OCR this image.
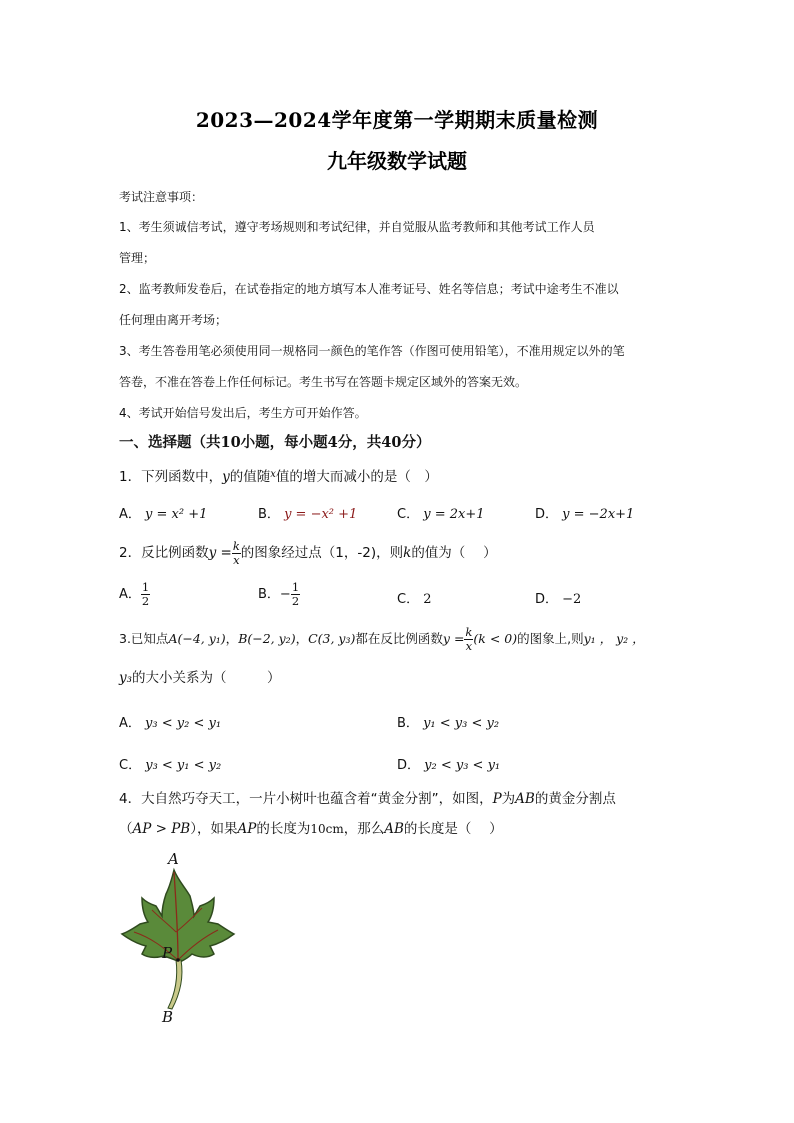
2023—2024学年度第一学期期末质量检测
九年级数学试题
考试注意事项：
1、考生须诚信考试，遵守考场规则和考试纪律，并自觉服从监考教师和其他考试工作人员
管理；
2、监考教师发卷后，在试卷指定的地方填写本人准考证号、姓名等信息；考试中途考生不准以
任何理由离开考场；
3、考生答卷用笔必须使用同一规格同一颜色的笔作答（作图可使用铅笔），不准用规定以外的笔
答卷，不准在答卷上作任何标记。考生书写在答题卡规定区域外的答案无效。
4、考试开始信号发出后，考生方可开始作答。
一、选择题（共10小题，每小题4分，共40分）
1．下列函数中，y的值随$^x$值的增大而减小的是（　）
A． y = x² +1	B． y = −x² +1	C． y = 2x+1	D． y = −2x+1
2．反比例函数$y = \frac{k}{x}$ 的图象经过点（1，-2)，则k的值为（　 ）
A． $\frac{1}{2}$	B．− $\frac{1}{2}$	C． 2	D． −2
3.已知点A(−4, y₁)，B(−2, y₂)，C(3, y₃)都在反比例函数$y = \frac{k}{x} (k < 0)$的图象上,则y₁ ， y₂ ，
y₃的大小关系为（　　　）
A． y₃ < y₂ < y₁	B． y₁ < y₃ < y₂
C． y₃ < y₁ < y₂	D． y₂ < y₃ < y₁
4．大自然巧夺天工，一片小树叶也蕴含着“黄金分割”，如图，P为AB的黄金分割点
（AP > PB），如果AP的长度为10cm，那么AB的长度是（　 ）
A
P
B
